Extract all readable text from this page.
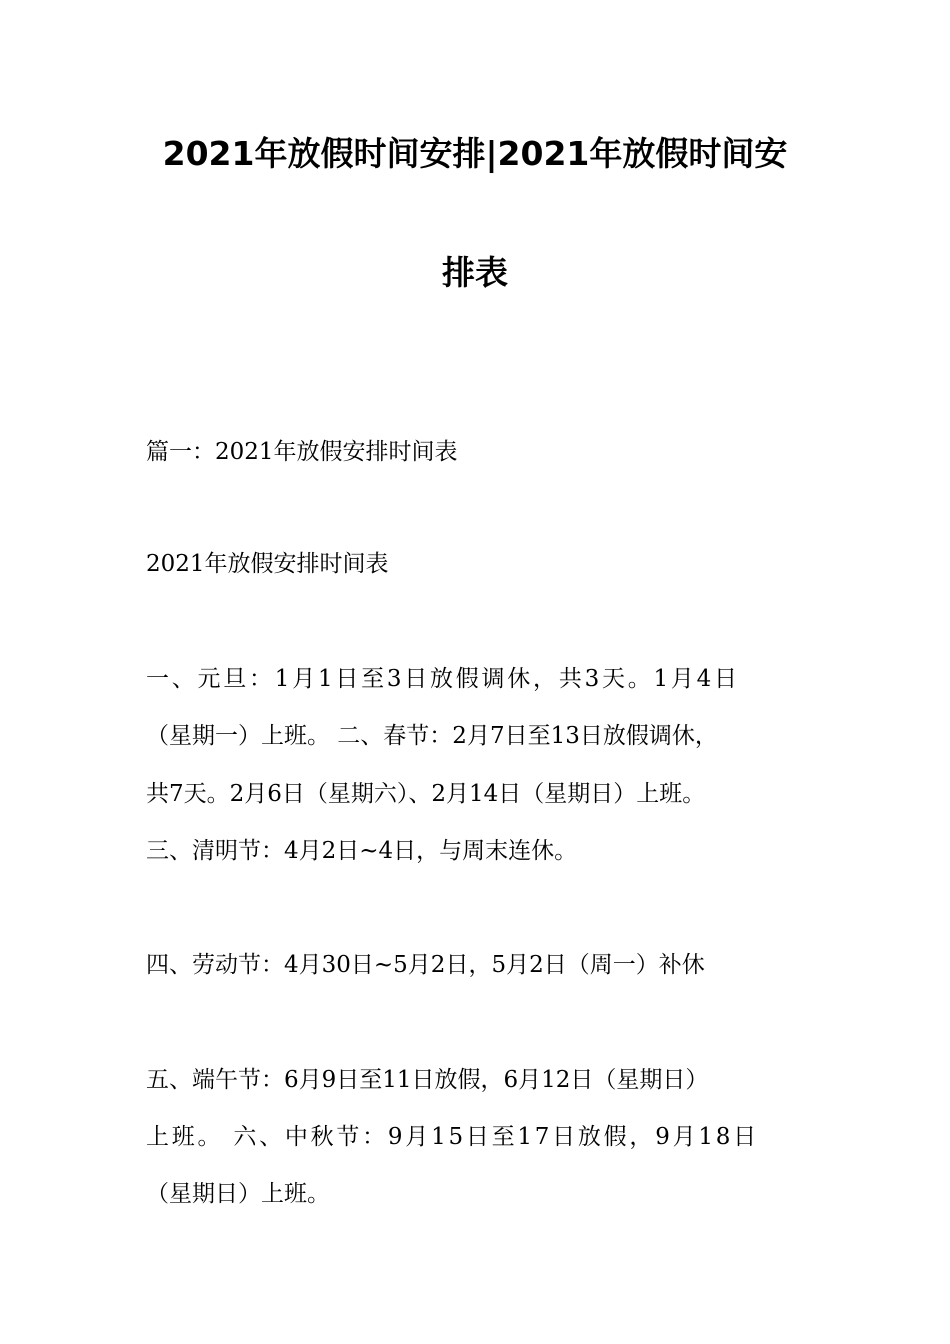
2021年放假时间安排|2021年放假时间安
排表
篇一：2021年放假安排时间表
2021年放假安排时间表
一、元旦：1月1日至3日放假调休，共3天。1月4日
（星期一）上班。 二、春节：2月7日至13日放假调休，
共7天。2月6日（星期六）、2月14日（星期日）上班。
三、清明节：4月2日~4日，与周末连休。
四、劳动节：4月30日~5月2日，5月2日（周一）补休
五、端午节：6月9日至11日放假，6月12日（星期日）
上班。 六、中秋节：9月15日至17日放假，9月18日
（星期日）上班。
